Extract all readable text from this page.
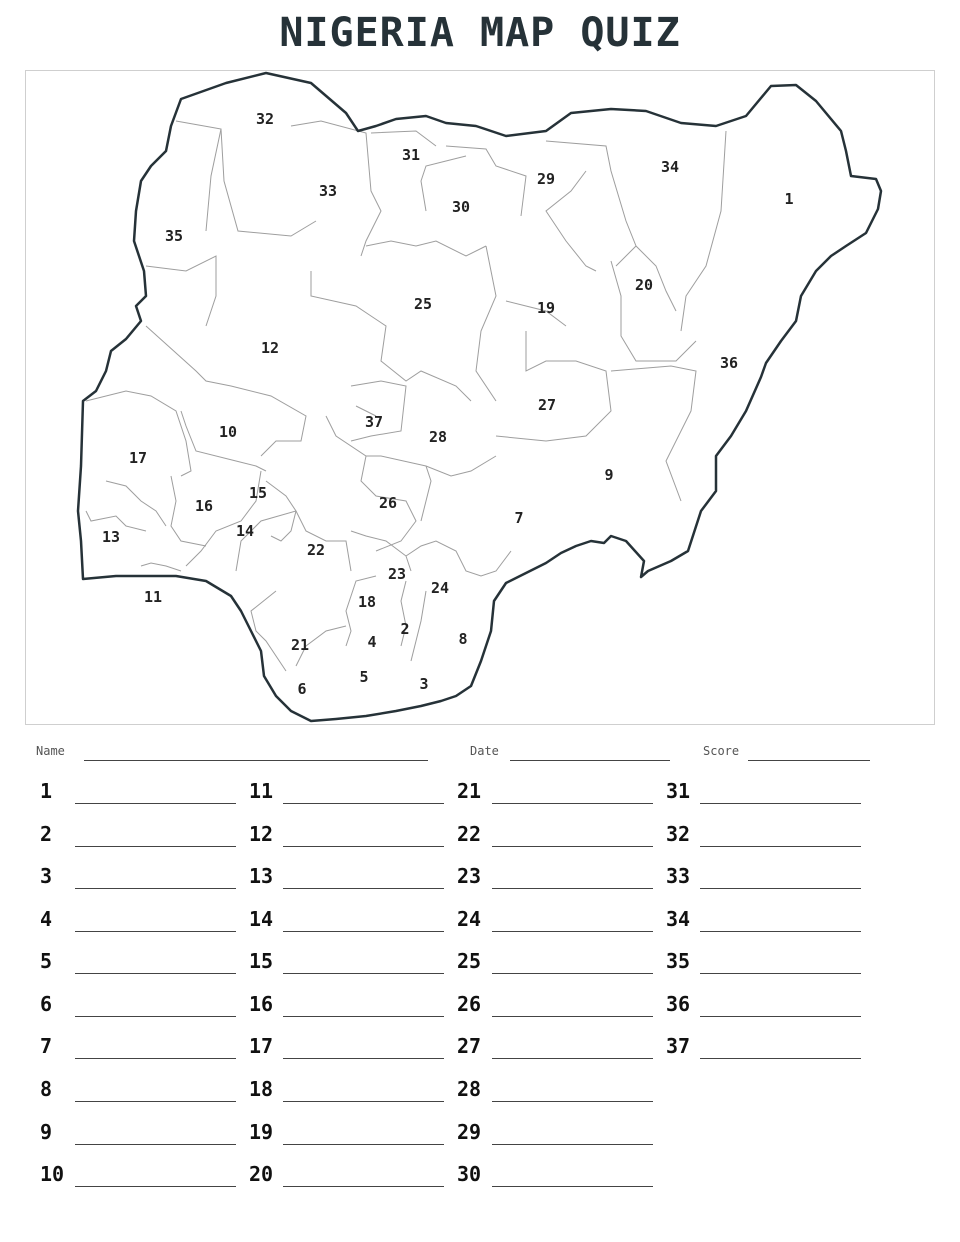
NIGERIA MAP QUIZ
1
2
3
4
5
6
7
8
9
10
11
12
13	14
15
16
17
18
19
20
21
22
23
24
25
26
27
28
29
30
31
32
33
34
35
36
37
Name	Date	Score
1
2
3
4
5
6
7
8
9
10
11
12
13
14
15
16
17
18
19
20
21
22
23
24
25
26
27
28
29
30
31
32
33
34
35
36
37
